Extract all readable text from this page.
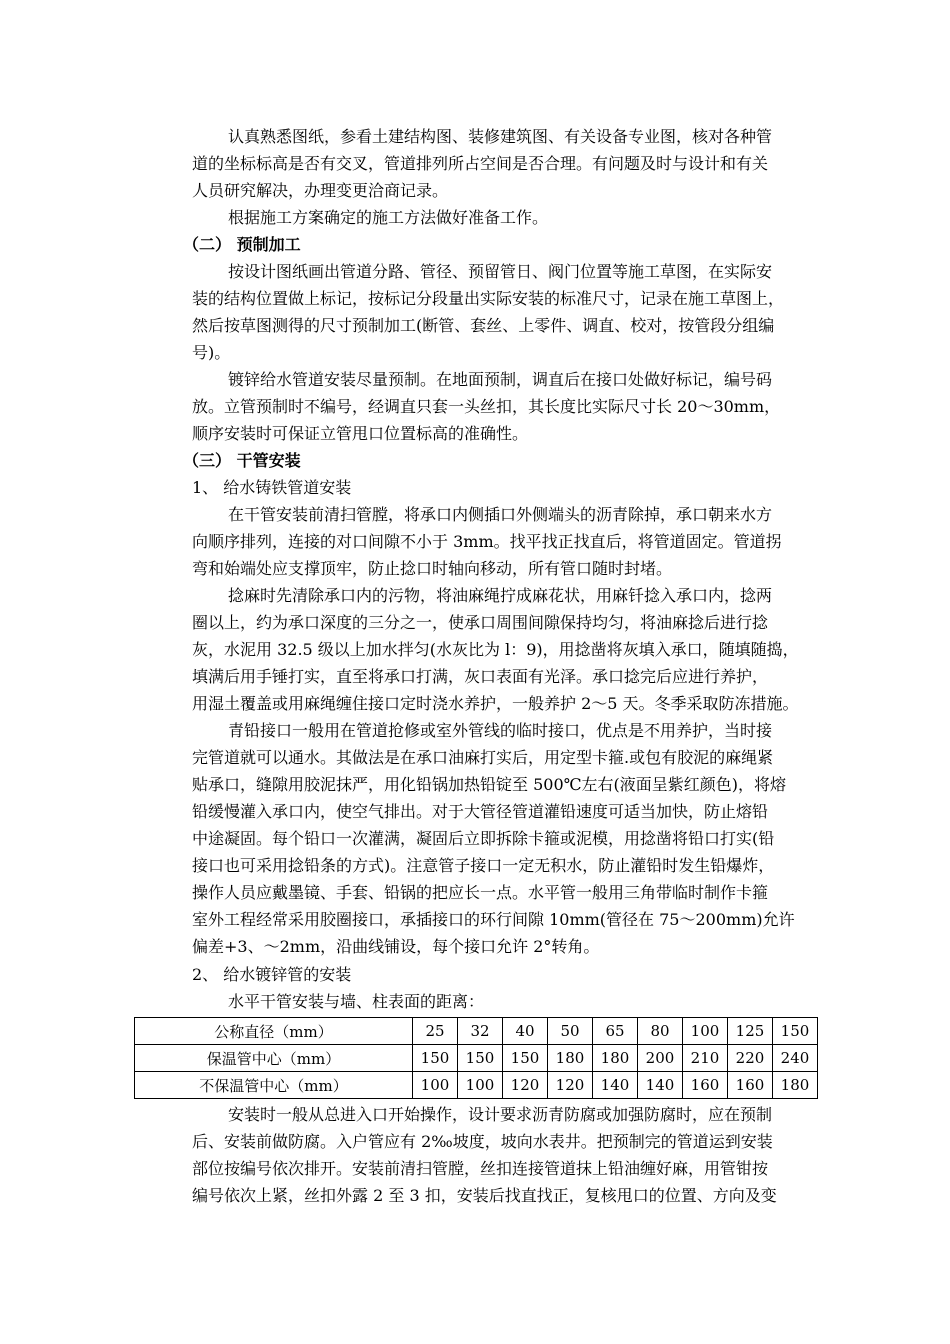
认真熟悉图纸，参看土建结构图、装修建筑图、有关设备专业图，核对各种管
道的坐标标高是否有交叉，管道排列所占空间是否合理。有问题及时与设计和有关
人员研究解决，办理变更洽商记录。
根据施工方案确定的施工方法做好准备工作。
（二） 预制加工
按设计图纸画出管道分路、管径、预留管日、阀门位置等施工草图，在实际安
装的结构位置做上标记，按标记分段量出实际安装的标准尺寸，记录在施工草图上，
然后按草图测得的尺寸预制加工(断管、套丝、上零件、调直、校对，按管段分组编
号)。
镀锌给水管道安装尽量预制。在地面预制，调直后在接口处做好标记，编号码
放。立管预制时不编号，经调直只套一头丝扣，其长度比实际尺寸长 20～30mm，
顺序安装时可保证立管甩口位置标高的准确性。
（三） 干管安装
1、 给水铸铁管道安装
在干管安装前清扫管膛，将承口内侧插口外侧端头的沥青除掉，承口朝来水方
向顺序排列，连接的对口间隙不小于 3mm。找平找正找直后，将管道固定。管道拐
弯和始端处应支撑顶牢，防止捻口时轴向移动，所有管口随时封堵。
捻麻时先清除承口内的污物，将油麻绳拧成麻花状，用麻钎捻入承口内，捻两
圈以上，约为承口深度的三分之一，使承口周围间隙保持均匀，将油麻捻后进行捻
灰，水泥用 32.5 级以上加水拌匀(水灰比为 l：9)，用捻凿将灰填入承口，随填随捣，
填满后用手锤打实，直至将承口打满，灰口表面有光泽。承口捻完后应进行养护，
用湿土覆盖或用麻绳缠住接口定时浇水养护，一般养护 2～5 天。冬季采取防冻措施。
青铅接口一般用在管道抢修或室外管线的临时接口，优点是不用养护，当时接
完管道就可以通水。其做法是在承口油麻打实后，用定型卡箍.或包有胶泥的麻绳紧
贴承口，缝隙用胶泥抹严，用化铅锅加热铅锭至 500℃左右(液面呈紫红颜色)，将熔
铅缓慢灌入承口内，使空气排出。对于大管径管道灌铅速度可适当加快，防止熔铅
中途凝固。每个铅口一次灌满，凝固后立即拆除卡箍或泥模，用捻凿将铅口打实(铅
接口也可采用捻铅条的方式)。注意管子接口一定无积水，防止灌铅时发生铅爆炸，
操作人员应戴墨镜、手套、铅锅的把应长一点。水平管一般用三角带临时制作卡箍
室外工程经常采用胶圈接口，承插接口的环行间隙 10mm(管径在 75～200mm)允许
偏差+3、～2mm，沿曲线铺设，每个接口允许 2°转角。
2、 给水镀锌管的安装
水平干管安装与墙、柱表面的距离：
公称直径（mm）	25	32	40	50	65	80	100	125	150
保温管中心（mm）	150	150	150	180	180	200	210	220	240
不保温管中心（mm）	100	100	120	120	140	140	160	160	180
安装时一般从总进入口开始操作，设计要求沥青防腐或加强防腐时，应在预制
后、安装前做防腐。入户管应有 2‰坡度，坡向水表井。把预制完的管道运到安装
部位按编号依次排开。安装前清扫管膛，丝扣连接管道抹上铅油缠好麻，用管钳按
编号依次上紧，丝扣外露 2 至 3 扣，安装后找直找正，复核甩口的位置、方向及变
